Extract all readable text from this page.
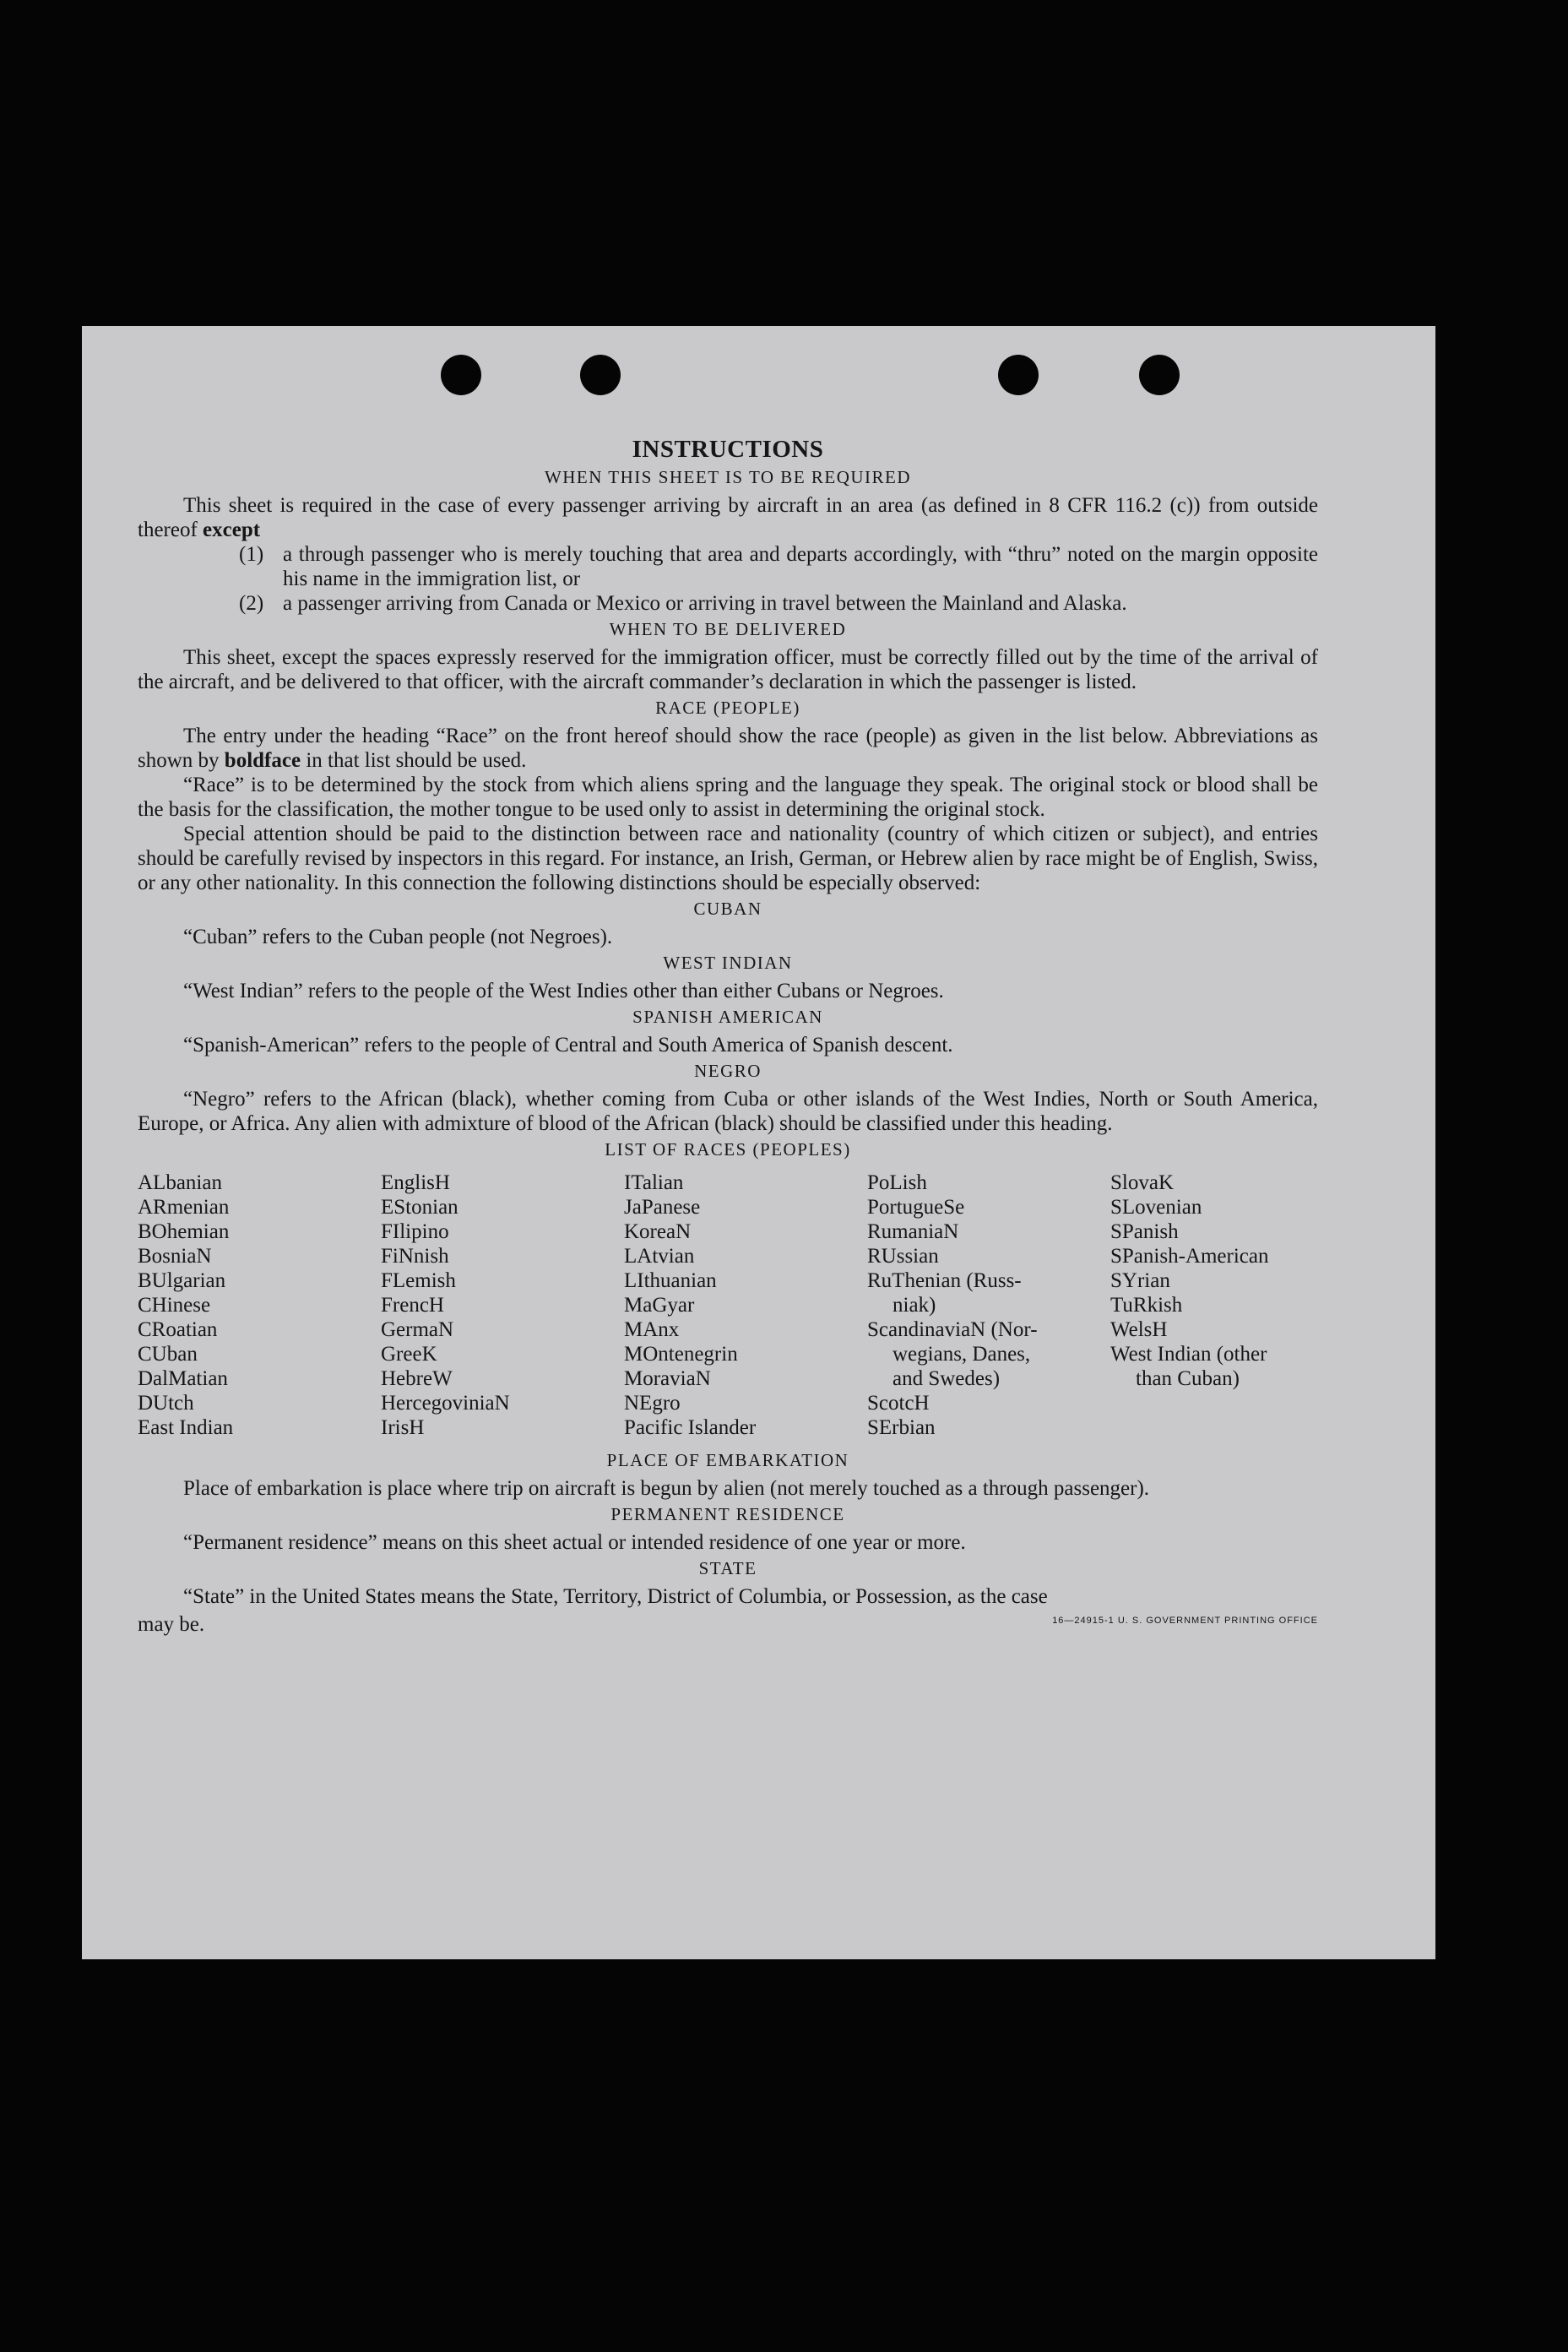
INSTRUCTIONS
WHEN THIS SHEET IS TO BE REQUIRED

This sheet is required in the case of every passenger arriving by aircraft in an area (as defined in 8 CFR 116.2 (c)) from outside thereof except

(1) a through passenger who is merely touching that area and departs accordingly, with “thru” noted on the margin opposite his name in the immigration list, or
(2) a passenger arriving from Canada or Mexico or arriving in travel between the Mainland and Alaska.
WHEN TO BE DELIVERED

This sheet, except the spaces expressly reserved for the immigration officer, must be correctly filled out by the time of the arrival of the aircraft, and be delivered to that officer, with the aircraft commander’s declaration in which the passenger is listed.

RACE (PEOPLE)

The entry under the heading “Race” on the front hereof should show the race (people) as given in the list below. Abbreviations as shown by boldface in that list should be used.

“Race” is to be determined by the stock from which aliens spring and the language they speak. The original stock or blood shall be the basis for the classification, the mother tongue to be used only to assist in determining the original stock.

Special attention should be paid to the distinction between race and nationality (country of which citizen or subject), and entries should be carefully revised by inspectors in this regard. For instance, an Irish, German, or Hebrew alien by race might be of English, Swiss, or any other nationality. In this connection the following distinctions should be especially observed:

CUBAN

“Cuban” refers to the Cuban people (not Negroes).

WEST INDIAN

“West Indian” refers to the people of the West Indies other than either Cubans or Negroes.

SPANISH AMERICAN

“Spanish-American” refers to the people of Central and South America of Spanish descent.

NEGRO

“Negro” refers to the African (black), whether coming from Cuba or other islands of the West Indies, North or South America, Europe, or Africa. Any alien with admixture of blood of the African (black) should be classified under this heading.

LIST OF RACES (PEOPLES)
ALbanian
ARmenian
BOhemian
BosniaN
BUlgarian
CHinese
CRoatian
CUban
DalMatian
DUtch
East Indian
EnglisH
EStonian
FIlipino
FiNnish
FLemish
FrencH
GermaN
GreeK
HebreW
HercegoviniaN
IrisH
ITalian
JaPanese
KoreaN
LAtvian
LIthuanian
MaGyar
MAnx
MOntenegrin
MoraviaN
NEgro
Pacific Islander
PoLish
PortugueSe
RumaniaN
RUssian
RuThenian (Russ-
niak)
ScandinaviaN (Nor-
wegians, Danes,
and Swedes)
ScotcH
SErbian
SlovaK
SLovenian
SPanish
SPanish-American
SYrian
TuRkish
WelsH
West Indian (other
than Cuban)
PLACE OF EMBARKATION

Place of embarkation is place where trip on aircraft is begun by alien (not merely touched as a through passenger).

PERMANENT RESIDENCE

“Permanent residence” means on this sheet actual or intended residence of one year or more.

STATE

“State” in the United States means the State, Territory, District of Columbia, or Possession, as the case

may be.	16—24915-1 U. S. GOVERNMENT PRINTING OFFICE
